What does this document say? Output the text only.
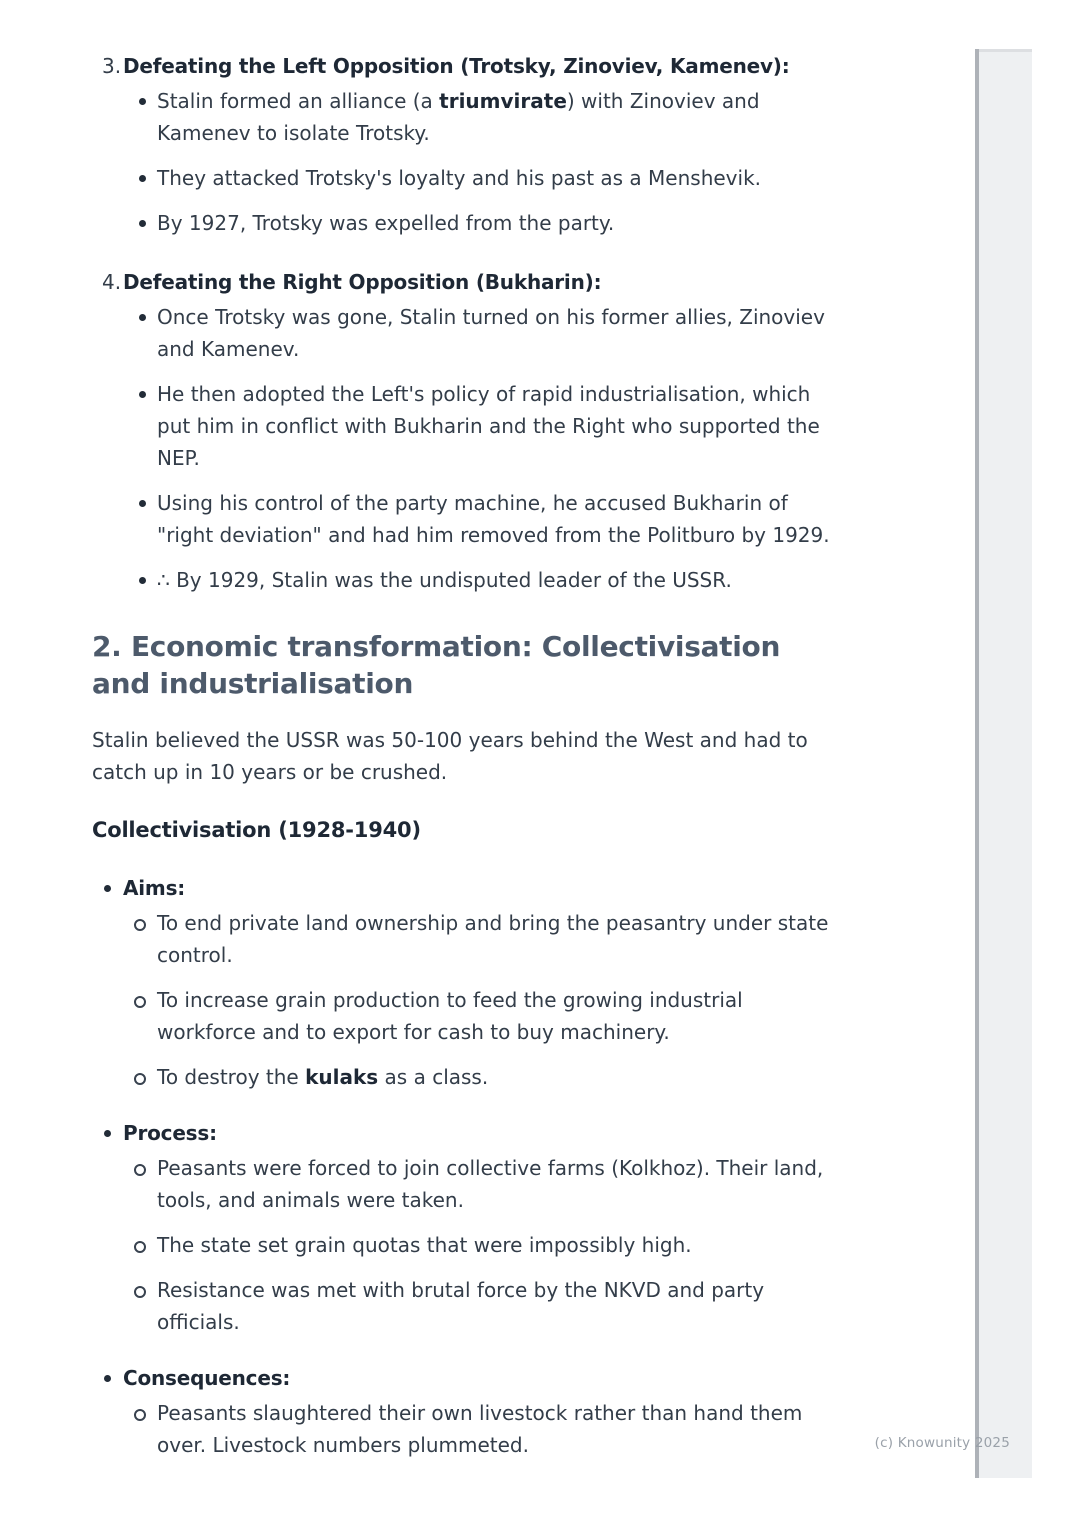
3. Defeating the Left Opposition (Trotsky, Zinoviev, Kamenev):
Stalin formed an alliance (a triumvirate) with Zinoviev and Kamenev to isolate Trotsky.
They attacked Trotsky's loyalty and his past as a Menshevik.
By 1927, Trotsky was expelled from the party.
4. Defeating the Right Opposition (Bukharin):
Once Trotsky was gone, Stalin turned on his former allies, Zinoviev and Kamenev.
He then adopted the Left's policy of rapid industrialisation, which put him in conflict with Bukharin and the Right who supported the NEP.
Using his control of the party machine, he accused Bukharin of "right deviation" and had him removed from the Politburo by 1929.
∴ By 1929, Stalin was the undisputed leader of the USSR.
2. Economic transformation: Collectivisation and industrialisation

Stalin believed the USSR was 50-100 years behind the West and had to catch up in 10 years or be crushed.

Collectivisation (1928-1940)
Aims:
To end private land ownership and bring the peasantry under state control.
To increase grain production to feed the growing industrial workforce and to export for cash to buy machinery.
To destroy the kulaks as a class.
Process:
Peasants were forced to join collective farms (Kolkhoz). Their land, tools, and animals were taken.
The state set grain quotas that were impossibly high.
Resistance was met with brutal force by the NKVD and party officials.
Consequences:
Peasants slaughtered their own livestock rather than hand them over. Livestock numbers plummeted.	(c) Knowunity 2025
